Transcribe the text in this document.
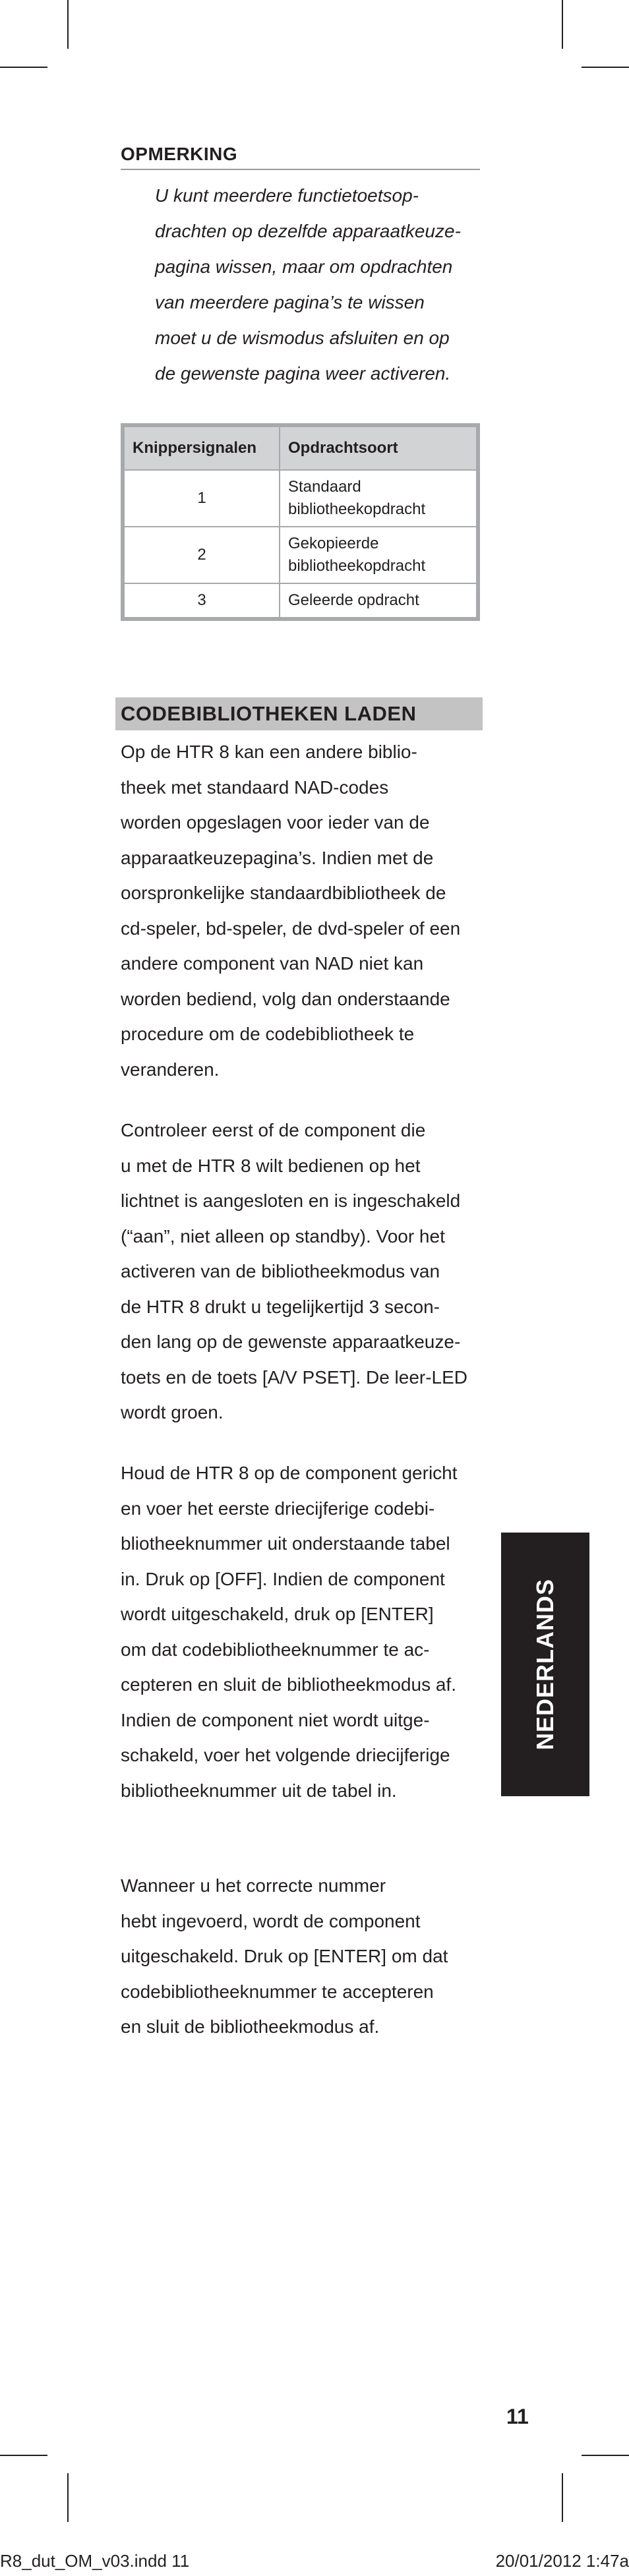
OPMERKING

U kunt meerdere functietoetsop-
drachten op dezelfde apparaatkeuze-
pagina wissen, maar om opdrachten
van meerdere pagina’s te wissen
moet u de wismodus afsluiten en op
de gewenste pagina weer activeren.

Knippersignalen	Opdrachtsoort
1	Standaard
bibliotheekopdracht
2	Gekopieerde
bibliotheekopdracht
3	Geleerde opdracht
CODEBIBLIOTHEKEN LADEN

Op de HTR 8 kan een andere biblio-
theek met standaard NAD-codes
worden opgeslagen voor ieder van de
apparaatkeuzepagina’s. Indien met de
oorspronkelijke standaardbibliotheek de
cd-speler, bd-speler, de dvd-speler of een
andere component van NAD niet kan
worden bediend, volg dan onderstaande
procedure om de codebibliotheek te
veranderen.

Controleer eerst of de component die
u met de HTR 8 wilt bedienen op het
lichtnet is aangesloten en is ingeschakeld
(“aan”, niet alleen op standby). Voor het
activeren van de bibliotheekmodus van
de HTR 8 drukt u tegelijkertijd 3 secon-
den lang op de gewenste apparaatkeuze-
toets en de toets [A/V PSET]. De leer-LED
wordt groen.

Houd de HTR 8 op de component gericht
en voer het eerste driecijferige codebi-
bliotheeknummer uit onderstaande tabel
in. Druk op [OFF]. Indien de component
wordt uitgeschakeld, druk op [ENTER]
om dat codebibliotheeknummer te ac-
cepteren en sluit de bibliotheekmodus af.
Indien de component niet wordt uitge-
schakeld, voer het volgende driecijferige
bibliotheeknummer uit de tabel in.

Wanneer u het correcte nummer
hebt ingevoerd, wordt de component
uitgeschakeld. Druk op [ENTER] om dat
codebibliotheeknummer te accepteren
en sluit de bibliotheekmodus af.

NEDERLANDS
11
R8_dut_OM_v03.indd 11	20/01/2012 1:47a
